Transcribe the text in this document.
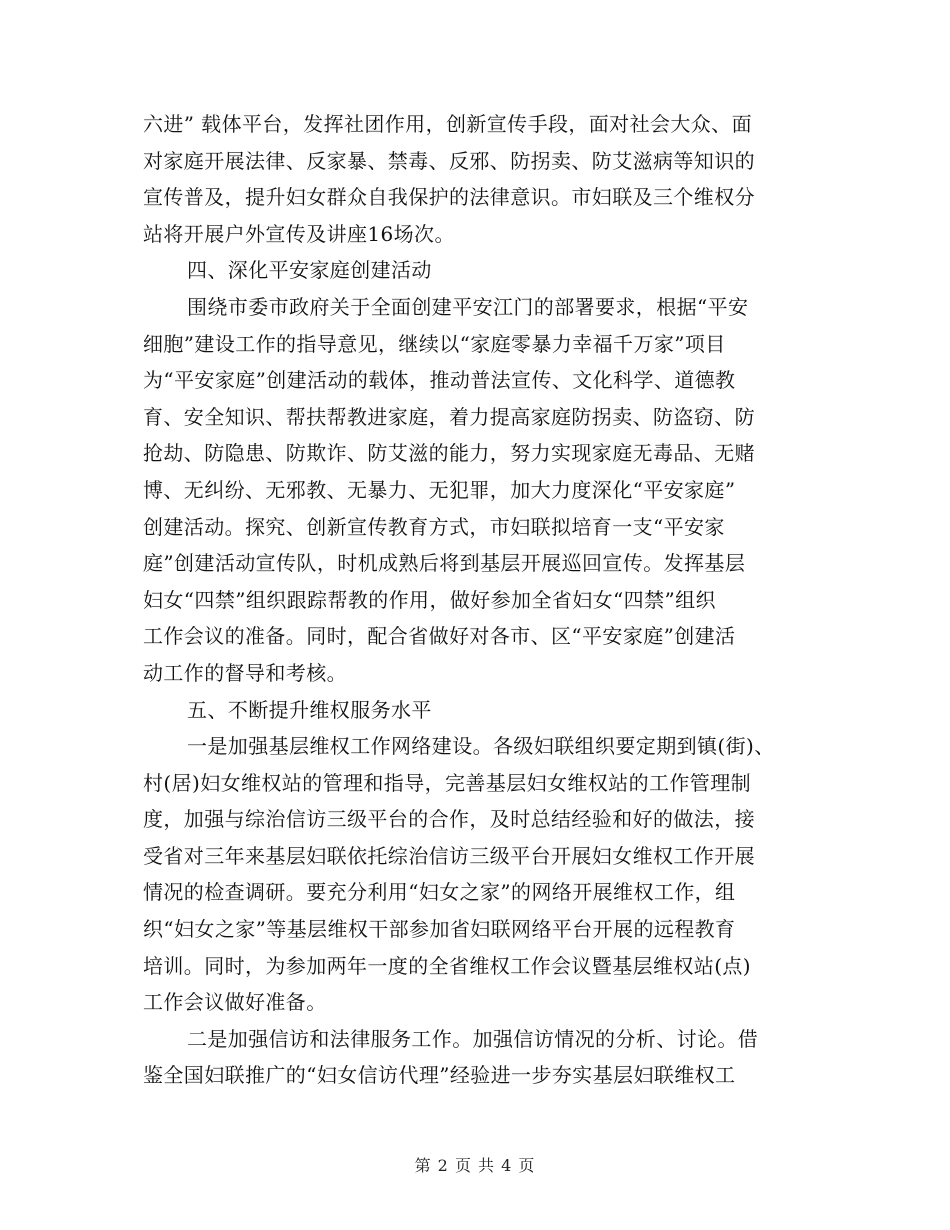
六进” 载体平台，发挥社团作用，创新宣传手段，面对社会大众、面
对家庭开展法律、反家暴、禁毒、反邪、防拐卖、防艾滋病等知识的
宣传普及，提升妇女群众自我保护的法律意识。市妇联及三个维权分
站将开展户外宣传及讲座16场次。
四、深化平安家庭创建活动
围绕市委市政府关于全面创建平安江门的部署要求，根据“平安
细胞”建设工作的指导意见，继续以“家庭零暴力幸福千万家”项目
为“平安家庭”创建活动的载体，推动普法宣传、文化科学、道德教
育、安全知识、帮扶帮教进家庭，着力提高家庭防拐卖、防盗窃、防
抢劫、防隐患、防欺诈、防艾滋的能力，努力实现家庭无毒品、无赌
博、无纠纷、无邪教、无暴力、无犯罪，加大力度深化“平安家庭”
创建活动。探究、创新宣传教育方式，市妇联拟培育一支“平安家
庭”创建活动宣传队，时机成熟后将到基层开展巡回宣传。发挥基层
妇女“四禁”组织跟踪帮教的作用，做好参加全省妇女“四禁”组织
工作会议的准备。同时，配合省做好对各市、区“平安家庭”创建活
动工作的督导和考核。
五、不断提升维权服务水平
一是加强基层维权工作网络建设。各级妇联组织要定期到镇(街)、
村(居)妇女维权站的管理和指导，完善基层妇女维权站的工作管理制
度，加强与综治信访三级平台的合作，及时总结经验和好的做法，接
受省对三年来基层妇联依托综治信访三级平台开展妇女维权工作开展
情况的检查调研。要充分利用“妇女之家”的网络开展维权工作，组
织“妇女之家”等基层维权干部参加省妇联网络平台开展的远程教育
培训。同时，为参加两年一度的全省维权工作会议暨基层维权站(点)
工作会议做好准备。
二是加强信访和法律服务工作。加强信访情况的分析、讨论。借
鉴全国妇联推广的“妇女信访代理”经验进一步夯实基层妇联维权工
第 2 页 共 4 页
